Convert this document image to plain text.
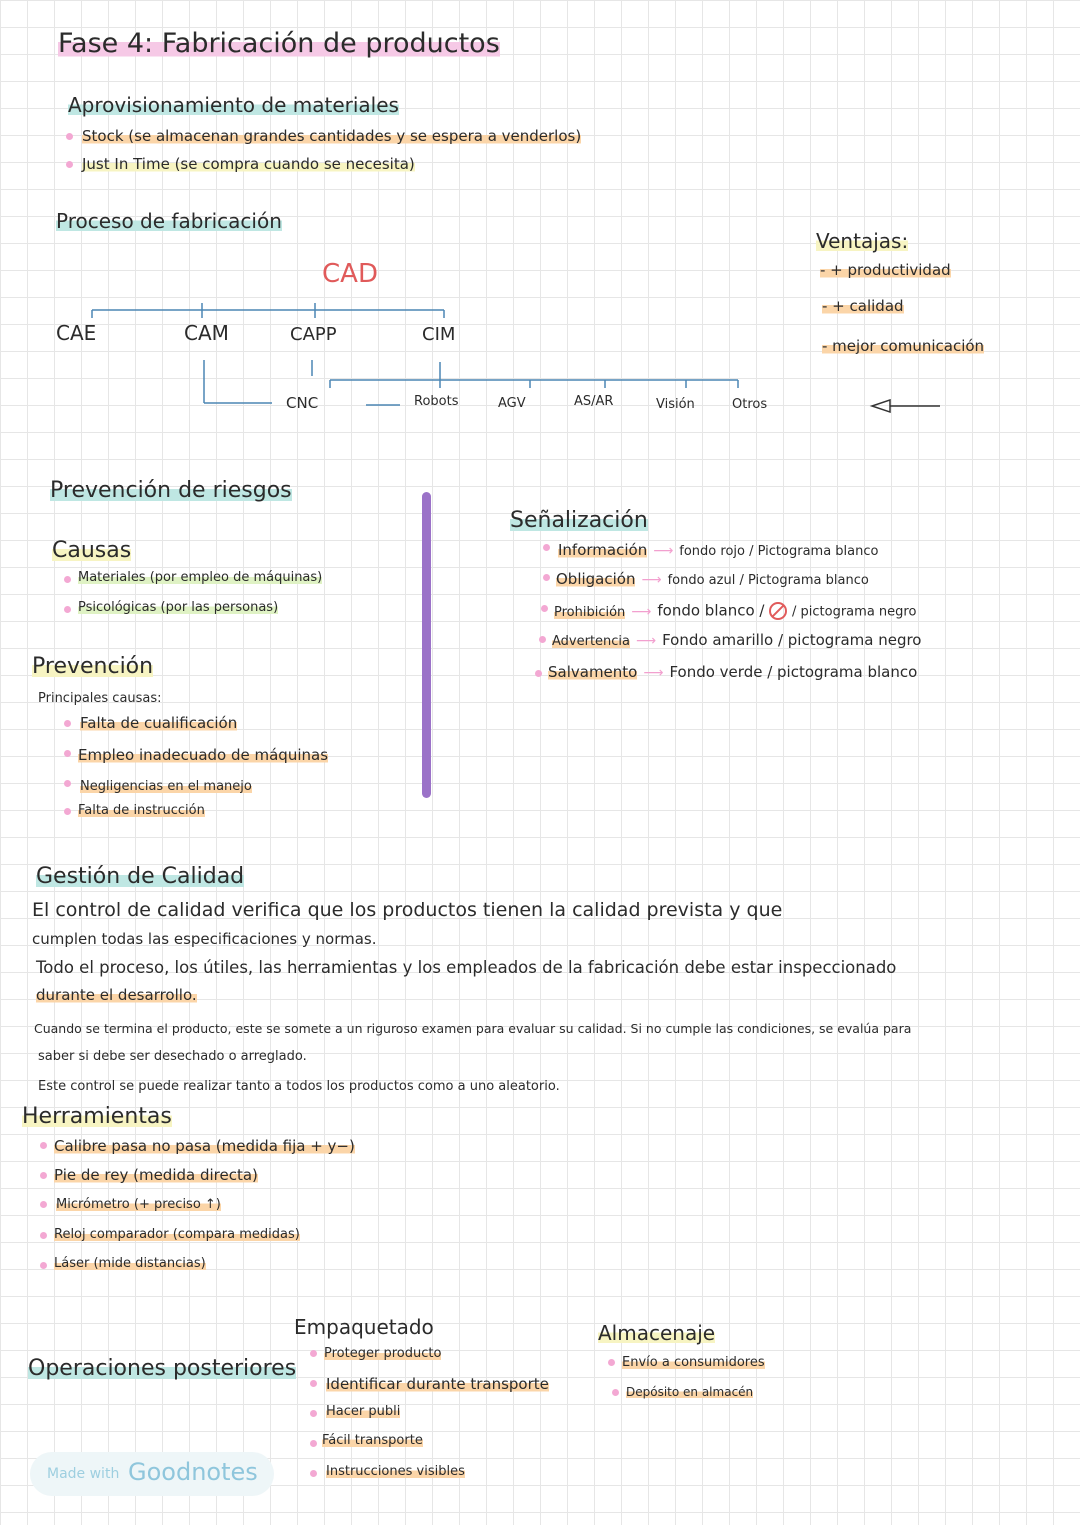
Fase 4: Fabricación de productos
Aprovisionamiento de materiales
Stock (se almacenan grandes cantidades y se espera a venderlos)
Just In Time (se compra cuando se necesita)
Proceso de fabricación
CAD
CAE	CAM	CAPP	CIM
CNC	Robots	AGV	AS/AR	Visión	Otros
Ventajas:
- + productividad
- + calidad
- mejor comunicación
Prevención de riesgos
Causas
Materiales (por empleo de máquinas)
Psicológicas (por las personas)
Prevención
Principales causas:
Falta de cualificación
Empleo inadecuado de máquinas
Negligencias en el manejo
Falta de instrucción
Señalización
Información ⟶ fondo rojo / Pictograma blanco
Obligación ⟶ fondo azul / Pictograma blanco
Prohibición ⟶ fondo blanco / / pictograma negro
Advertencia ⟶ Fondo amarillo / pictograma negro
Salvamento ⟶ Fondo verde / pictograma blanco
Gestión de Calidad
El control de calidad verifica que los productos tienen la calidad prevista y que
cumplen todas las especificaciones y normas.
Todo el proceso, los útiles, las herramientas y los empleados de la fabricación debe estar inspeccionado
durante el desarrollo.
Cuando se termina el producto, este se somete a un riguroso examen para evaluar su calidad. Si no cumple las condiciones, se evalúa para
saber si debe ser desechado o arreglado.
Este control se puede realizar tanto a todos los productos como a uno aleatorio.
Herramientas
Calibre pasa no pasa (medida fija + y−)
Pie de rey (medida directa)
Micrómetro (+ preciso ↑)
Reloj comparador (compara medidas)
Láser (mide distancias)
Operaciones posteriores
Empaquetado
Proteger producto
Identificar durante transporte
Hacer publi
Fácil transporte
Instrucciones visibles
Almacenaje
Envío a consumidores
Depósito en almacén
Made with Goodnotes
